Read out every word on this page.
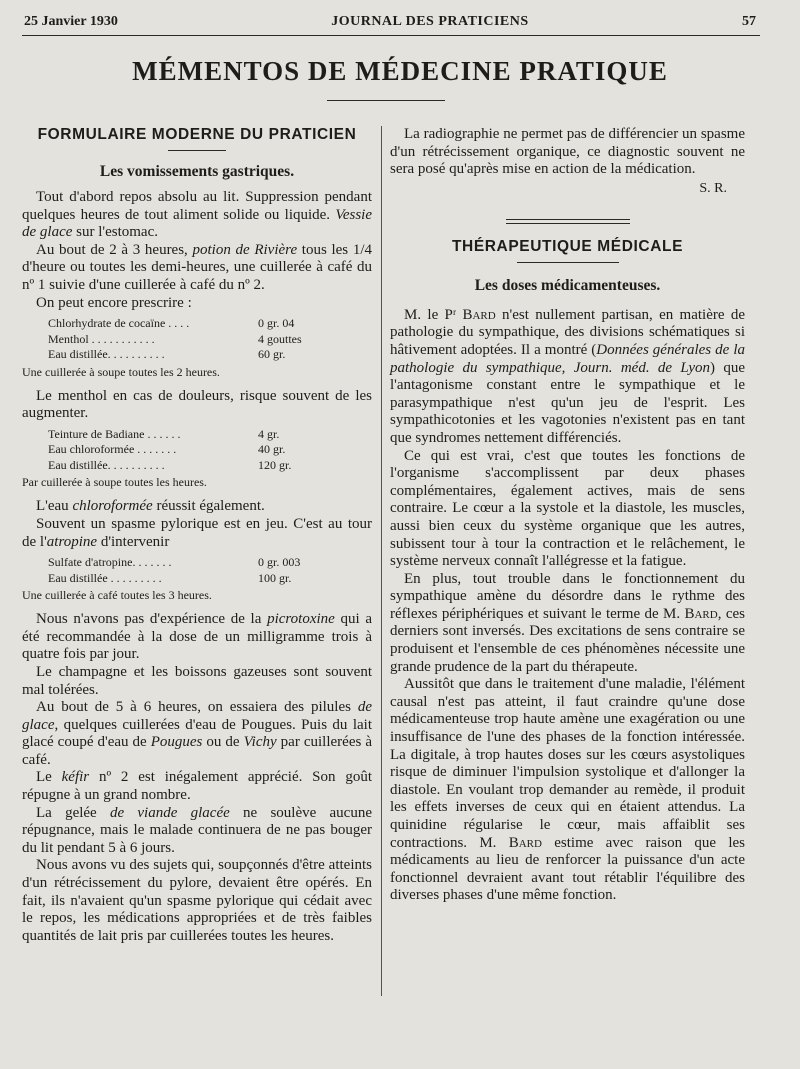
25 Janvier 1930	JOURNAL DES PRATICIENS	57
MÉMENTOS DE MÉDECINE PRATIQUE
FORMULAIRE MODERNE DU PRATICIEN
Les vomissements gastriques.

Tout d'abord repos absolu au lit. Suppression pendant quelques heures de tout aliment solide ou liquide. Vessie de glace sur l'estomac.

Au bout de 2 à 3 heures, potion de Rivière tous les 1/4 d'heure ou toutes les demi-heures, une cuillerée à café du nº 1 suivie d'une cuillerée à café du nº 2.

On peut encore prescrire :

Chlorhydrate de cocaïne . . . .	0 gr. 04
Menthol . . . . . . . . . . .	4 gouttes
Eau distillée. . . . . . . . . .	60 gr.

Une cuillerée à soupe toutes les 2 heures.

Le menthol en cas de douleurs, risque souvent de les augmenter.

Teinture de Badiane . . . . . .	4 gr.
Eau chloroformée . . . . . . .	40 gr.
Eau distillée. . . . . . . . . .	120 gr.

Par cuillerée à soupe toutes les heures.

L'eau chloroformée réussit également.

Souvent un spasme pylorique est en jeu. C'est au tour de l'atropine d'intervenir

Sulfate d'atropine. . . . . . .	0 gr. 003
Eau distillée . . . . . . . . .	100 gr.

Une cuillerée à café toutes les 3 heures.

Nous n'avons pas d'expérience de la picrotoxine qui a été recommandée à la dose de un milligramme trois à quatre fois par jour.

Le champagne et les boissons gazeuses sont souvent mal tolérées.

Au bout de 5 à 6 heures, on essaiera des pilules de glace, quelques cuillerées d'eau de Pougues. Puis du lait glacé coupé d'eau de Pougues ou de Vichy par cuillerées à café.

Le kéfir nº 2 est inégalement apprécié. Son goût répugne à un grand nombre.

La gelée de viande glacée ne soulève aucune répugnance, mais le malade continuera de ne pas bouger du lit pendant 5 à 6 jours.

Nous avons vu des sujets qui, soupçonnés d'être atteints d'un rétrécissement du pylore, devaient être opérés. En fait, ils n'avaient qu'un spasme pylorique qui cédait avec le repos, les médications appropriées et de très faibles quantités de lait pris par cuillerées toutes les heures.

La radiographie ne permet pas de différencier un spasme d'un rétrécissement organique, ce diagnostic souvent ne sera posé qu'après mise en action de la médication.

S. R.
THÉRAPEUTIQUE MÉDICALE
Les doses médicamenteuses.

M. le Pʳ Bard n'est nullement partisan, en matière de pathologie du sympathique, des divisions schématiques si hâtivement adoptées. Il a montré (Données générales de la pathologie du sympathique, Journ. méd. de Lyon) que l'antagonisme constant entre le sympathique et le parasympathique n'est qu'un jeu de l'esprit. Les sympathicotonies et les vagotonies n'existent pas en tant que syndromes nettement différenciés.

Ce qui est vrai, c'est que toutes les fonctions de l'organisme s'accomplissent par deux phases complémentaires, également actives, mais de sens contraire. Le cœur a la systole et la diastole, les muscles, aussi bien ceux du système organique que les autres, subissent tour à tour la contraction et le relâchement, le système nerveux connaît l'allégresse et la fatigue.

En plus, tout trouble dans le fonctionnement du sympathique amène du désordre dans le rythme des réflexes périphériques et suivant le terme de M. Bard, ces derniers sont inversés. Des excitations de sens contraire se produisent et l'ensemble de ces phénomènes nécessite une grande prudence de la part du thérapeute.

Aussitôt que dans le traitement d'une maladie, l'élément causal n'est pas atteint, il faut craindre qu'une dose médicamenteuse trop haute amène une exagération ou une insuffisance de l'une des phases de la fonction intéressée. La digitale, à trop hautes doses sur les cœurs asystoliques risque de diminuer l'impulsion systolique et d'allonger la diastole. En voulant trop demander au remède, il produit les effets inverses de ceux qui en étaient attendus. La quinidine régularise le cœur, mais affaiblit ses contractions. M. Bard estime avec raison que les médicaments au lieu de renforcer la puissance d'un acte fonctionnel devraient avant tout rétablir l'équilibre des diverses phases d'une même fonction.
